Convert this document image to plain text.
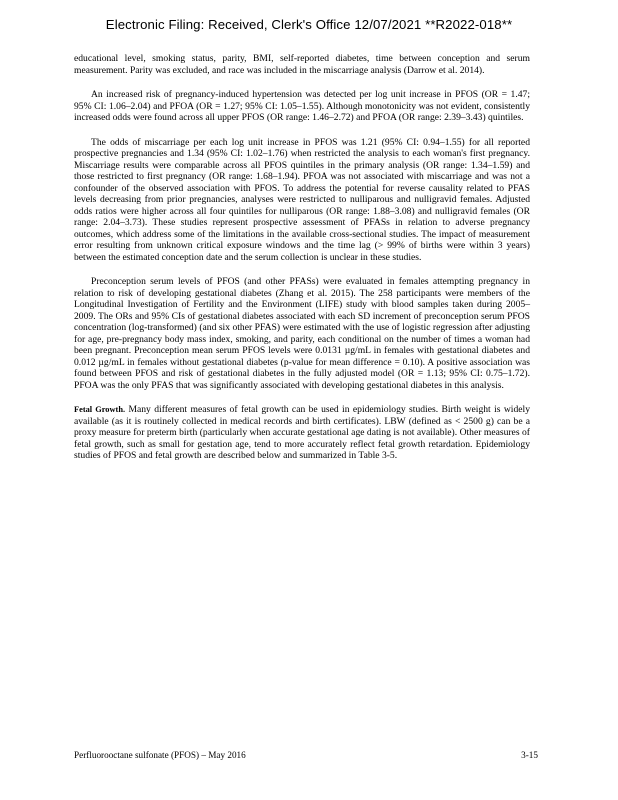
Electronic Filing: Received, Clerk's Office 12/07/2021 **R2022-018**

educational level, smoking status, parity, BMI, self-reported diabetes, time between conception and serum measurement. Parity was excluded, and race was included in the miscarriage analysis (Darrow et al. 2014).

An increased risk of pregnancy-induced hypertension was detected per log unit increase in PFOS (OR = 1.47; 95% CI: 1.06–2.04) and PFOA (OR = 1.27; 95% CI: 1.05–1.55). Although monotonicity was not evident, consistently increased odds were found across all upper PFOS (OR range: 1.46–2.72) and PFOA (OR range: 2.39–3.43) quintiles.

The odds of miscarriage per each log unit increase in PFOS was 1.21 (95% CI: 0.94–1.55) for all reported prospective pregnancies and 1.34 (95% CI: 1.02–1.76) when restricted the analysis to each woman's first pregnancy. Miscarriage results were comparable across all PFOS quintiles in the primary analysis (OR range: 1.34–1.59) and those restricted to first pregnancy (OR range: 1.68–1.94). PFOA was not associated with miscarriage and was not a confounder of the observed association with PFOS. To address the potential for reverse causality related to PFAS levels decreasing from prior pregnancies, analyses were restricted to nulliparous and nulligravid females. Adjusted odds ratios were higher across all four quintiles for nulliparous (OR range: 1.88–3.08) and nulligravid females (OR range: 2.04–3.73). These studies represent prospective assessment of PFASs in relation to adverse pregnancy outcomes, which address some of the limitations in the available cross-sectional studies. The impact of measurement error resulting from unknown critical exposure windows and the time lag (> 99% of births were within 3 years) between the estimated conception date and the serum collection is unclear in these studies.

Preconception serum levels of PFOS (and other PFASs) were evaluated in females attempting pregnancy in relation to risk of developing gestational diabetes (Zhang et al. 2015). The 258 participants were members of the Longitudinal Investigation of Fertility and the Environment (LIFE) study with blood samples taken during 2005–2009. The ORs and 95% CIs of gestational diabetes associated with each SD increment of preconception serum PFOS concentration (log-transformed) (and six other PFAS) were estimated with the use of logistic regression after adjusting for age, pre-pregnancy body mass index, smoking, and parity, each conditional on the number of times a woman had been pregnant. Preconception mean serum PFOS levels were 0.0131 µg/mL in females with gestational diabetes and 0.012 µg/mL in females without gestational diabetes (p-value for mean difference = 0.10). A positive association was found between PFOS and risk of gestational diabetes in the fully adjusted model (OR = 1.13; 95% CI: 0.75–1.72). PFOA was the only PFAS that was significantly associated with developing gestational diabetes in this analysis.

Fetal Growth. Many different measures of fetal growth can be used in epidemiology studies. Birth weight is widely available (as it is routinely collected in medical records and birth certificates). LBW (defined as < 2500 g) can be a proxy measure for preterm birth (particularly when accurate gestational age dating is not available). Other measures of fetal growth, such as small for gestation age, tend to more accurately reflect fetal growth retardation. Epidemiology studies of PFOS and fetal growth are described below and summarized in Table 3-5.

Perfluorooctane sulfonate (PFOS) – May 2016	3-15
